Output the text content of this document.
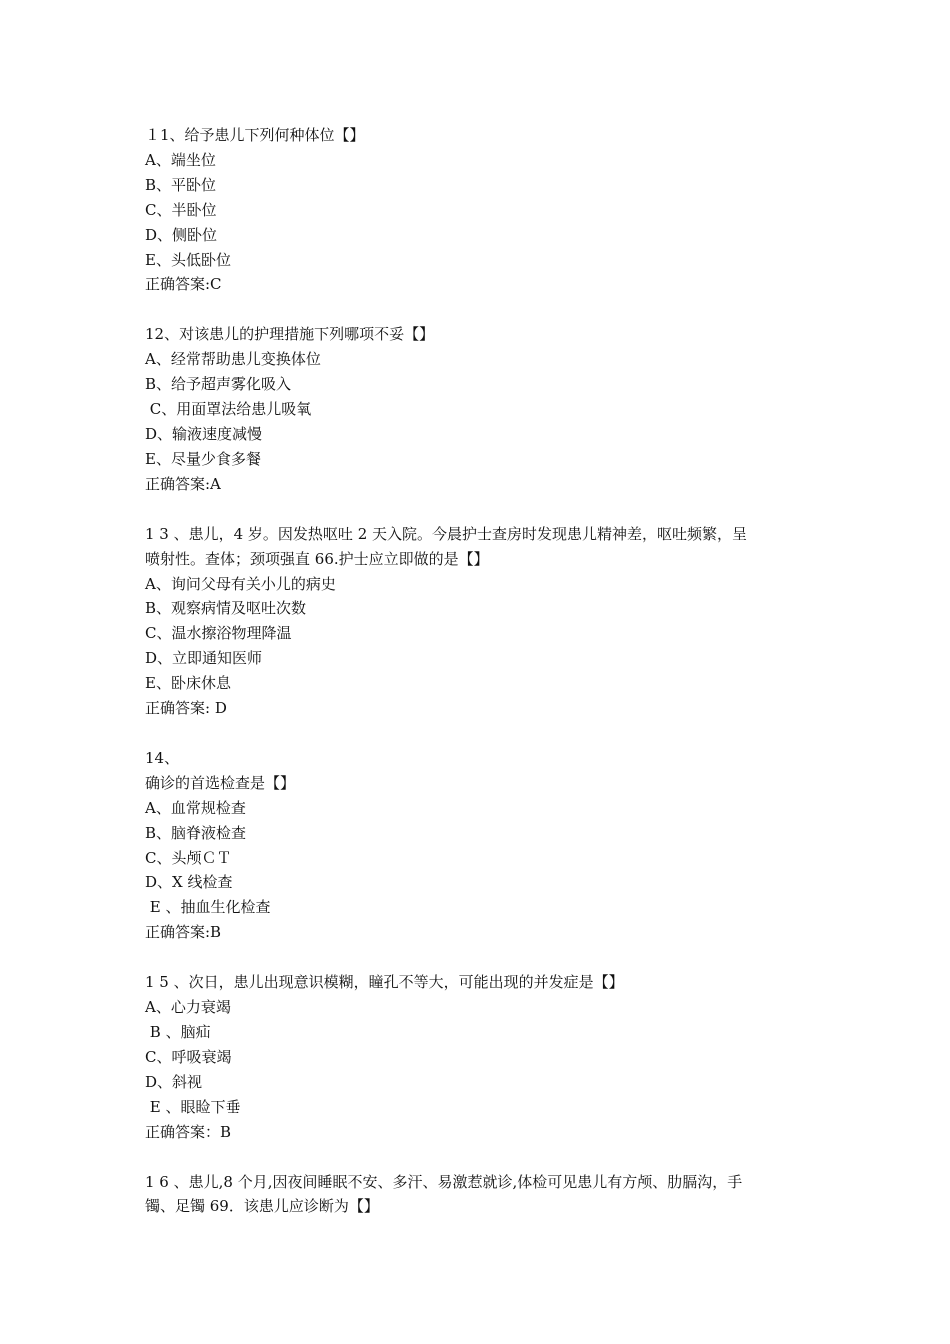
１1、给予患儿下列何种体位【】
A、端坐位
B、平卧位
C、半卧位
D、侧卧位
E、头低卧位
正确答案:C
12、对该患儿的护理措施下列哪项不妥【】
A、经常帮助患儿变换体位
B、给予超声雾化吸入
C、用面罩法给患儿吸氧
D、输液速度减慢
E、尽量少食多餐
正确答案:A
1 3 、患儿，4 岁。因发热呕吐 2 天入院。今晨护士查房时发现患儿精神差，呕吐频繁，呈
喷射性。查体；颈项强直 66.护士应立即做的是【】
A、询问父母有关小儿的病史
B、观察病情及呕吐次数
C、温水擦浴物理降温
D、立即通知医师
E、卧床休息
正确答案: D
14、
确诊的首选检查是【】
A、血常规检查
B、脑脊液检查
C、头颅ＣＴ
D、X 线检查
E 、抽血生化检查
正确答案:B
1 5 、次日，患儿出现意识模糊，瞳孔不等大，可能出现的并发症是【】
A、心力衰竭
B 、脑疝
C、呼吸衰竭
D、斜视
E 、眼睑下垂
正确答案：B
1 6 、患儿,8 个月,因夜间睡眠不安、多汗、易激惹就诊,体检可见患儿有方颅、肋膈沟，手
镯、足镯 69．该患儿应诊断为【】
